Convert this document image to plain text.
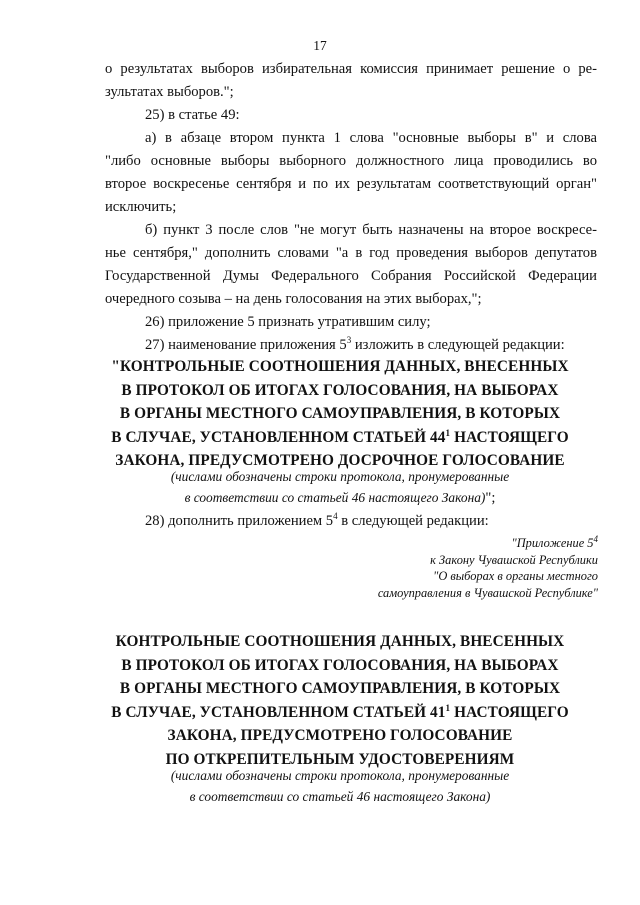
17
о результатах выборов избирательная комиссия принимает решение о ре-
зультатах выборов.";
25) в статье 49:
а) в абзаце втором пункта 1 слова "основные выборы в" и слова
"либо основные выборы выборного должностного лица проводились во
второе воскресенье сентября и по их результатам соответствующий орган"
исключить;
б) пункт 3 после слов "не могут быть назначены на второе воскресе-
нье сентября," дополнить словами "а в год проведения выборов депутатов
Государственной Думы Федерального Собрания Российской Федерации
очередного созыва – на день голосования на этих выборах,";
26) приложение 5 признать утратившим силу;
27) наименование приложения $5^3$ изложить в следующей редакции:
"КОНТРОЛЬНЫЕ СООТНОШЕНИЯ ДАННЫХ, ВНЕСЕННЫХ
В ПРОТОКОЛ ОБ ИТОГАХ ГОЛОСОВАНИЯ, НА ВЫБОРАХ
В ОРГАНЫ МЕСТНОГО САМОУПРАВЛЕНИЯ, В КОТОРЫХ
В СЛУЧАЕ, УСТАНОВЛЕННОМ СТАТЬЕЙ $44^1$ НАСТОЯЩЕГО
ЗАКОНА, ПРЕДУСМОТРЕНО ДОСРОЧНОЕ ГОЛОСОВАНИЕ
(числами обозначены строки протокола, пронумерованные
в соответствии со статьей 46 настоящего Закона)";
28) дополнить приложением $5^4$ в следующей редакции:
"Приложение $5^4$
к Закону Чувашской Республики
"О выборах в органы местного
самоуправления в Чувашской Республике"
КОНТРОЛЬНЫЕ СООТНОШЕНИЯ ДАННЫХ, ВНЕСЕННЫХ
В ПРОТОКОЛ ОБ ИТОГАХ ГОЛОСОВАНИЯ, НА ВЫБОРАХ
В ОРГАНЫ МЕСТНОГО САМОУПРАВЛЕНИЯ, В КОТОРЫХ
В СЛУЧАЕ, УСТАНОВЛЕННОМ СТАТЬЕЙ $41^1$ НАСТОЯЩЕГО
ЗАКОНА, ПРЕДУСМОТРЕНО ГОЛОСОВАНИЕ
ПО ОТКРЕПИТЕЛЬНЫМ УДОСТОВЕРЕНИЯМ
(числами обозначены строки протокола, пронумерованные
в соответствии со статьей 46 настоящего Закона)
